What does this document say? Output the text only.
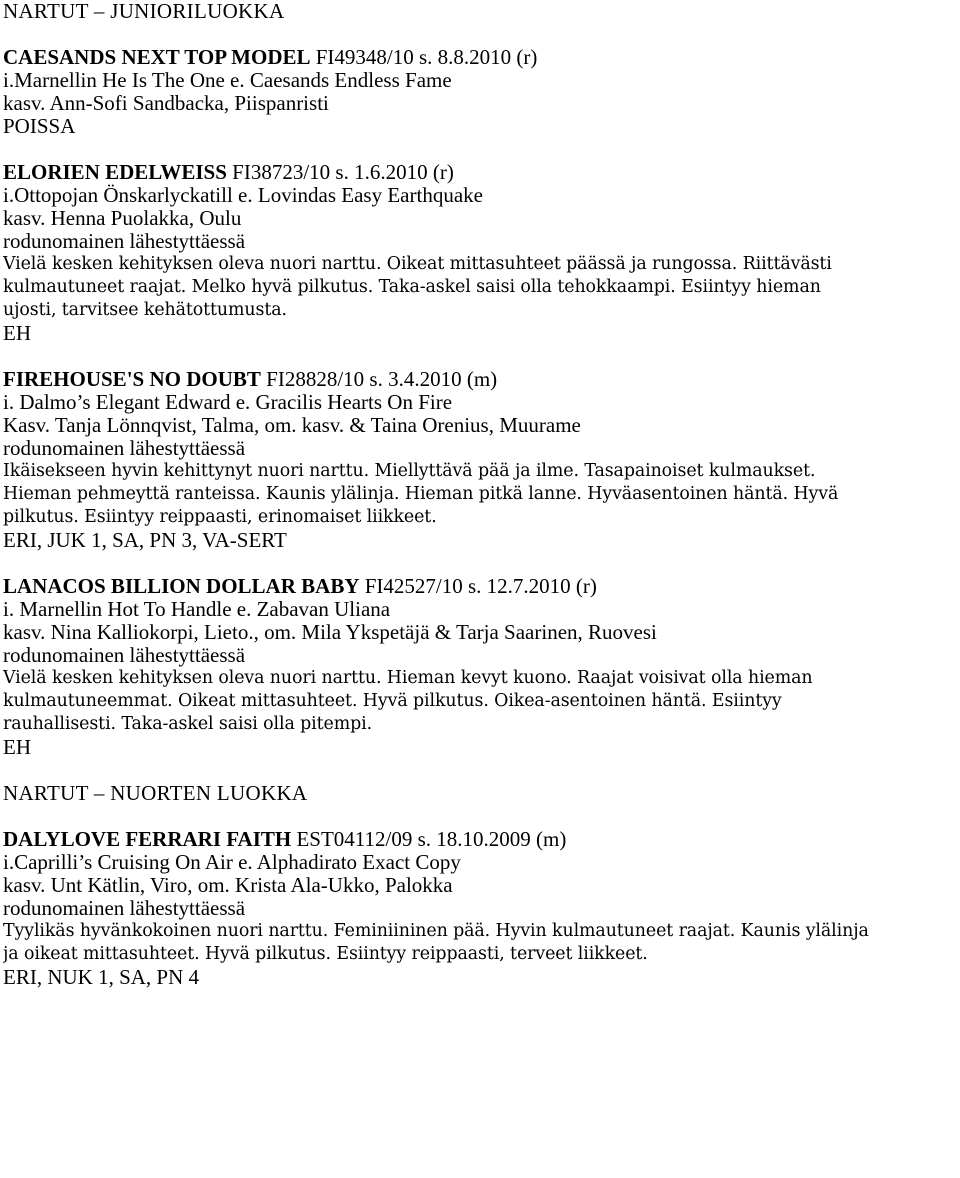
NARTUT – JUNIORILUOKKA
CAESANDS NEXT TOP MODEL FI49348/10 s. 8.8.2010 (r)
i.Marnellin He Is The One e. Caesands Endless Fame
kasv. Ann-Sofi Sandbacka, Piispanristi
POISSA
ELORIEN EDELWEISS FI38723/10 s. 1.6.2010 (r)
i.Ottopojan Önskarlyckatill e. Lovindas Easy Earthquake
kasv. Henna Puolakka, Oulu
rodunomainen lähestyttäessä
Vielä kesken kehityksen oleva nuori narttu. Oikeat mittasuhteet päässä ja rungossa. Riittävästi
kulmautuneet raajat. Melko hyvä pilkutus. Taka-askel saisi olla tehokkaampi. Esiintyy hieman
ujosti, tarvitsee kehätottumusta.
EH
FIREHOUSE'S NO DOUBT FI28828/10 s. 3.4.2010 (m)
i. Dalmo’s Elegant Edward e. Gracilis Hearts On Fire
Kasv. Tanja Lönnqvist, Talma, om. kasv. & Taina Orenius, Muurame
rodunomainen lähestyttäessä
Ikäisekseen hyvin kehittynyt nuori narttu. Miellyttävä pää ja ilme. Tasapainoiset kulmaukset.
Hieman pehmeyttä ranteissa. Kaunis ylälinja. Hieman pitkä lanne. Hyväasentoinen häntä. Hyvä
pilkutus. Esiintyy reippaasti, erinomaiset liikkeet.
ERI, JUK 1, SA, PN 3, VA-SERT
LANACOS BILLION DOLLAR BABY FI42527/10 s. 12.7.2010 (r)
i. Marnellin Hot To Handle e. Zabavan Uliana
kasv. Nina Kalliokorpi, Lieto., om. Mila Ykspetäjä & Tarja Saarinen, Ruovesi
rodunomainen lähestyttäessä
Vielä kesken kehityksen oleva nuori narttu. Hieman kevyt kuono. Raajat voisivat olla hieman
kulmautuneemmat. Oikeat mittasuhteet. Hyvä pilkutus. Oikea-asentoinen häntä. Esiintyy
rauhallisesti. Taka-askel saisi olla pitempi.
EH
NARTUT – NUORTEN LUOKKA
DALYLOVE FERRARI FAITH EST04112/09 s. 18.10.2009 (m)
i.Caprilli’s Cruising On Air e. Alphadirato Exact Copy
kasv. Unt Kätlin, Viro, om. Krista Ala-Ukko, Palokka
rodunomainen lähestyttäessä
Tyylikäs hyvänkokoinen nuori narttu. Feminiininen pää. Hyvin kulmautuneet raajat. Kaunis ylälinja
ja oikeat mittasuhteet. Hyvä pilkutus. Esiintyy reippaasti, terveet liikkeet.
ERI, NUK 1, SA, PN 4
